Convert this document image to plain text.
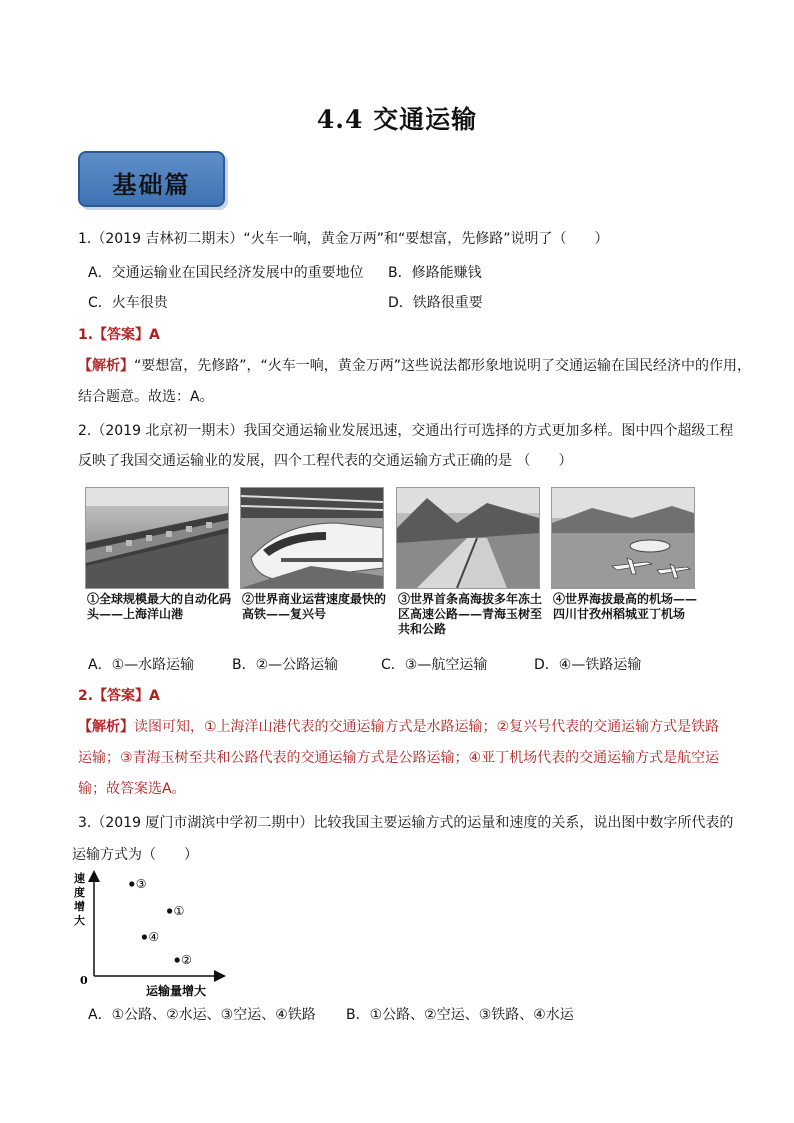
4.4 交通运输
基础篇
1.（2019 吉林初二期末）“火车一响，黄金万两”和“要想富，先修路”说明了（　　）
A．交通运输业在国民经济发展中的重要地位 B．修路能赚钱
C．火车很贵	D．铁路很重要
1.【答案】A
【解析】“要想富，先修路”，“火车一响，黄金万两”这些说法都形象地说明了交通运输在国民经济中的作用，
结合题意。故选：A。
2.（2019 北京初一期末）我国交通运输业发展迅速，交通出行可选择的方式更加多样。图中四个超级工程
反映了我国交通运输业的发展，四个工程代表的交通运输方式正确的是 （　　）
①全球规模最大的自动化码头——上海洋山港
②世界商业运营速度最快的高铁——复兴号
③世界首条高海拔多年冻土区高速公路——青海玉树至共和公路
④世界海拔最高的机场——四川甘孜州稻城亚丁机场
A．①—水路运输	B．②—公路运输	C．③—航空运输	D．④—铁路运输
2.【答案】A
【解析】读图可知，①上海洋山港代表的交通运输方式是水路运输；②复兴号代表的交通运输方式是铁路
运输；③青海玉树至共和公路代表的交通运输方式是公路运输；④亚丁机场代表的交通运输方式是航空运
输；故答案选A。
3.（2019 厦门市湖滨中学初二期中）比较我国主要运输方式的运量和速度的关系，说出图中数字所代表的
运输方式为（　　）
速度增大
0
运输量增大
③
①
④
②
A．①公路、②水运、③空运、④铁路 B．①公路、②空运、③铁路、④水运
